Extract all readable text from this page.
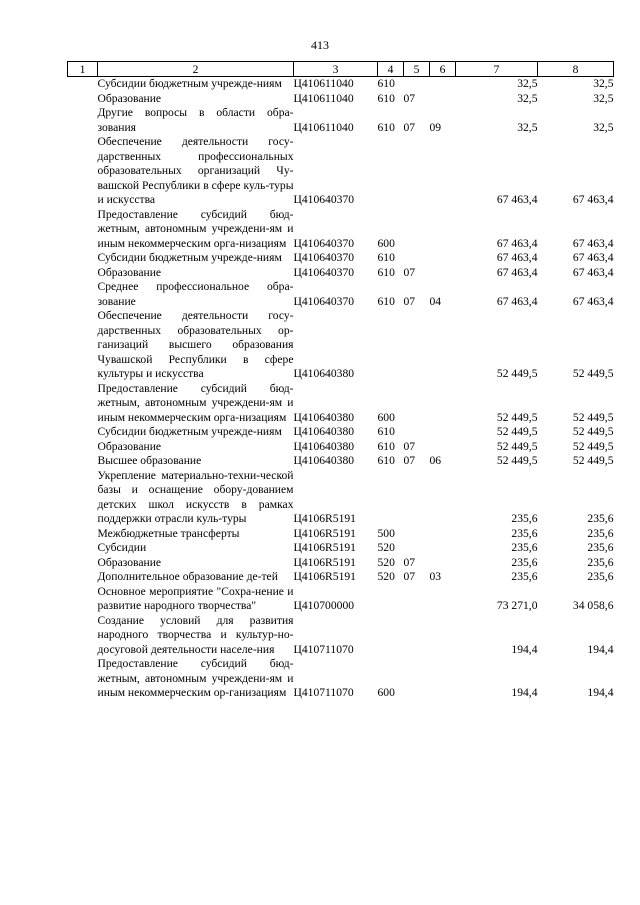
413
1	2	3	4	5	6	7	8
	Субсидии бюджетным учрежде-ниям	Ц410611040	610			32,5	32,5
	Образование	Ц410611040	610	07		32,5	32,5
	Другие вопросы в области обра-зования	Ц410611040	610	07	09	32,5	32,5
	Обеспечение деятельности госу-дарственных профессиональных образовательных организаций Чу-вашской Республики в сфере куль-туры и искусства	Ц410640370				67 463,4	67 463,4
	Предоставление субсидий бюд-жетным, автономным учреждени-ям и иным некоммерческим орга-низациям	Ц410640370	600			67 463,4	67 463,4
	Субсидии бюджетным учрежде-ниям	Ц410640370	610			67 463,4	67 463,4
	Образование	Ц410640370	610	07		67 463,4	67 463,4
	Среднее профессиональное обра-зование	Ц410640370	610	07	04	67 463,4	67 463,4
	Обеспечение деятельности госу-дарственных образовательных ор-ганизаций высшего образования Чувашской Республики в сфере культуры и искусства	Ц410640380				52 449,5	52 449,5
	Предоставление субсидий бюд-жетным, автономным учреждени-ям и иным некоммерческим орга-низациям	Ц410640380	600			52 449,5	52 449,5
	Субсидии бюджетным учрежде-ниям	Ц410640380	610			52 449,5	52 449,5
	Образование	Ц410640380	610	07		52 449,5	52 449,5
	Высшее образование	Ц410640380	610	07	06	52 449,5	52 449,5
	Укрепление материально-техни-ческой базы и оснащение обору-дованием детских школ искусств в рамках поддержки отрасли куль-туры	Ц4106R5191				235,6	235,6
	Межбюджетные трансферты	Ц4106R5191	500			235,6	235,6
	Субсидии	Ц4106R5191	520			235,6	235,6
	Образование	Ц4106R5191	520	07		235,6	235,6
	Дополнительное образование де-тей	Ц4106R5191	520	07	03	235,6	235,6
	Основное мероприятие "Сохра-нение и развитие народного творчества"	Ц410700000				73 271,0	34 058,6
	Создание условий для развития народного творчества и культур-но-досуговой деятельности населе-ния	Ц410711070				194,4	194,4
	Предоставление субсидий бюд-жетным, автономным учреждени-ям и иным некоммерческим ор-ганизациям	Ц410711070	600			194,4	194,4
